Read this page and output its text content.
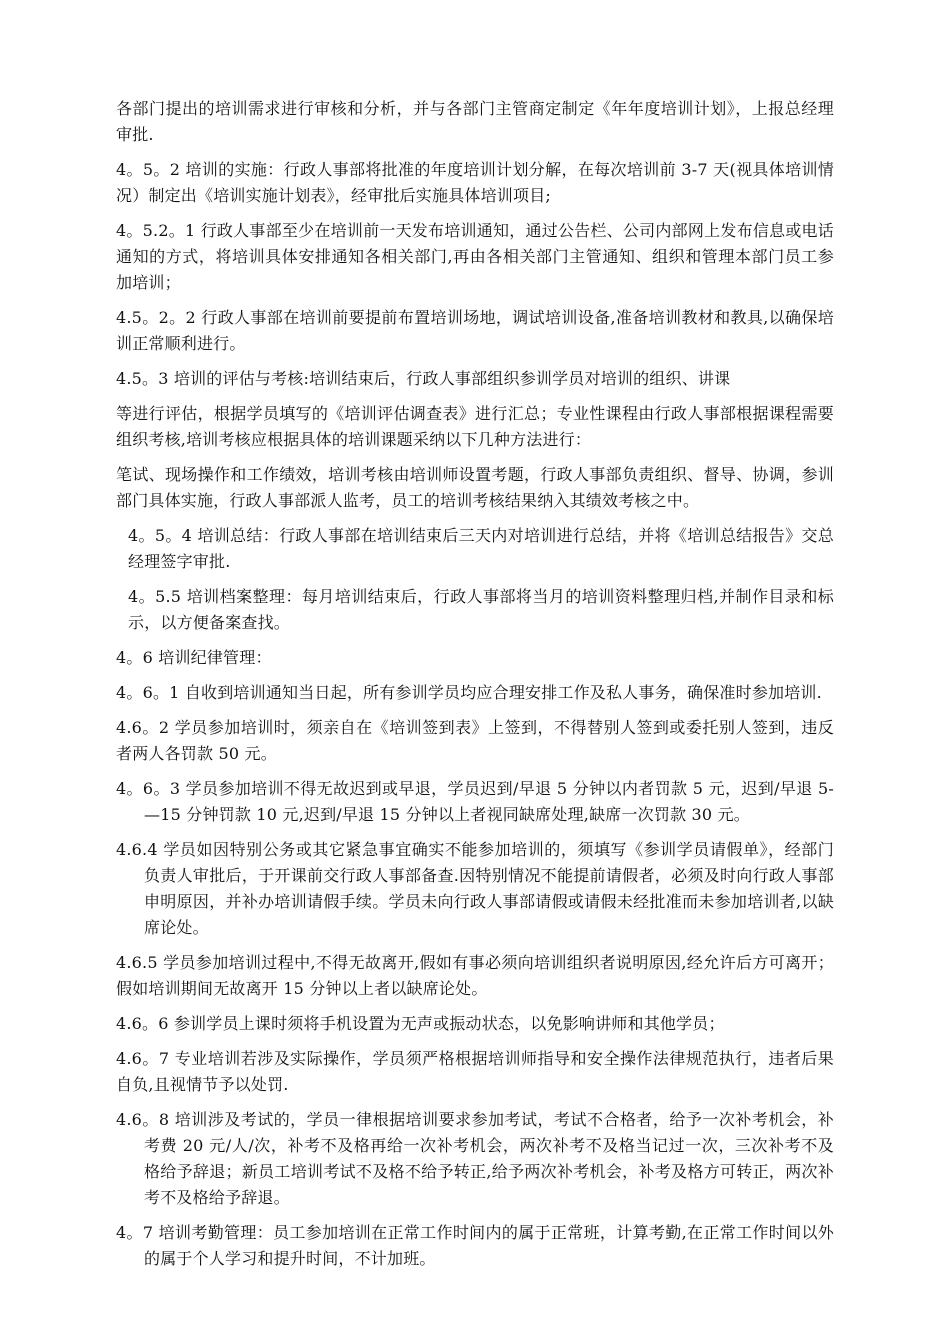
各部门提出的培训需求进行审核和分析，并与各部门主管商定制定《年年度培训计划》，上报总经理审批.

4。5。2 培训的实施：行政人事部将批准的年度培训计划分解，在每次培训前 3-7 天(视具体培训情况）制定出《培训实施计划表》，经审批后实施具体培训项目;

4。5.2。1 行政人事部至少在培训前一天发布培训通知，通过公告栏、公司内部网上发布信息或电话通知的方式，将培训具体安排通知各相关部门,再由各相关部门主管通知、组织和管理本部门员工参加培训；

4.5。2。2 行政人事部在培训前要提前布置培训场地，调试培训设备,准备培训教材和教具,以确保培训正常顺利进行。

4.5。3 培训的评估与考核:培训结束后，行政人事部组织参训学员对培训的组织、讲课

等进行评估，根据学员填写的《培训评估调查表》进行汇总；专业性课程由行政人事部根据课程需要组织考核,培训考核应根据具体的培训课题采纳以下几种方法进行：

笔试、现场操作和工作绩效，培训考核由培训师设置考题，行政人事部负责组织、督导、协调，参训部门具体实施，行政人事部派人监考，员工的培训考核结果纳入其绩效考核之中。

4。5。4 培训总结：行政人事部在培训结束后三天内对培训进行总结，并将《培训总结报告》交总经理签字审批.

4。5.5 培训档案整理：每月培训结束后，行政人事部将当月的培训资料整理归档,并制作目录和标示，以方便备案查找。

4。6 培训纪律管理：

4。6。1 自收到培训通知当日起，所有参训学员均应合理安排工作及私人事务，确保准时参加培训.

4.6。2 学员参加培训时，须亲自在《培训签到表》上签到，不得替别人签到或委托别人签到，违反者两人各罚款 50 元。

4。6。3 学员参加培训不得无故迟到或早退，学员迟到/早退 5 分钟以内者罚款 5 元，迟到/早退 5-—15 分钟罚款 10 元,迟到/早退 15 分钟以上者视同缺席处理,缺席一次罚款 30 元。

4.6.4 学员如因特别公务或其它紧急事宜确实不能参加培训的，须填写《参训学员请假单》，经部门负责人审批后，于开课前交行政人事部备查.因特别情况不能提前请假者，必须及时向行政人事部申明原因，并补办培训请假手续。学员未向行政人事部请假或请假未经批准而未参加培训者,以缺席论处。

4.6.5 学员参加培训过程中,不得无故离开,假如有事必须向培训组织者说明原因,经允许后方可离开；假如培训期间无故离开 15 分钟以上者以缺席论处。

4.6。6 参训学员上课时须将手机设置为无声或振动状态，以免影响讲师和其他学员；

4.6。7 专业培训若涉及实际操作，学员须严格根据培训师指导和安全操作法律规范执行，违者后果自负,且视情节予以处罚.

4.6。8 培训涉及考试的，学员一律根据培训要求参加考试，考试不合格者，给予一次补考机会，补考费 20 元/人/次，补考不及格再给一次补考机会，两次补考不及格当记过一次，三次补考不及格给予辞退；新员工培训考试不及格不给予转正,给予两次补考机会，补考及格方可转正，两次补考不及格给予辞退。

4。7 培训考勤管理：员工参加培训在正常工作时间内的属于正常班，计算考勤,在正常工作时间以外的属于个人学习和提升时间，不计加班。
